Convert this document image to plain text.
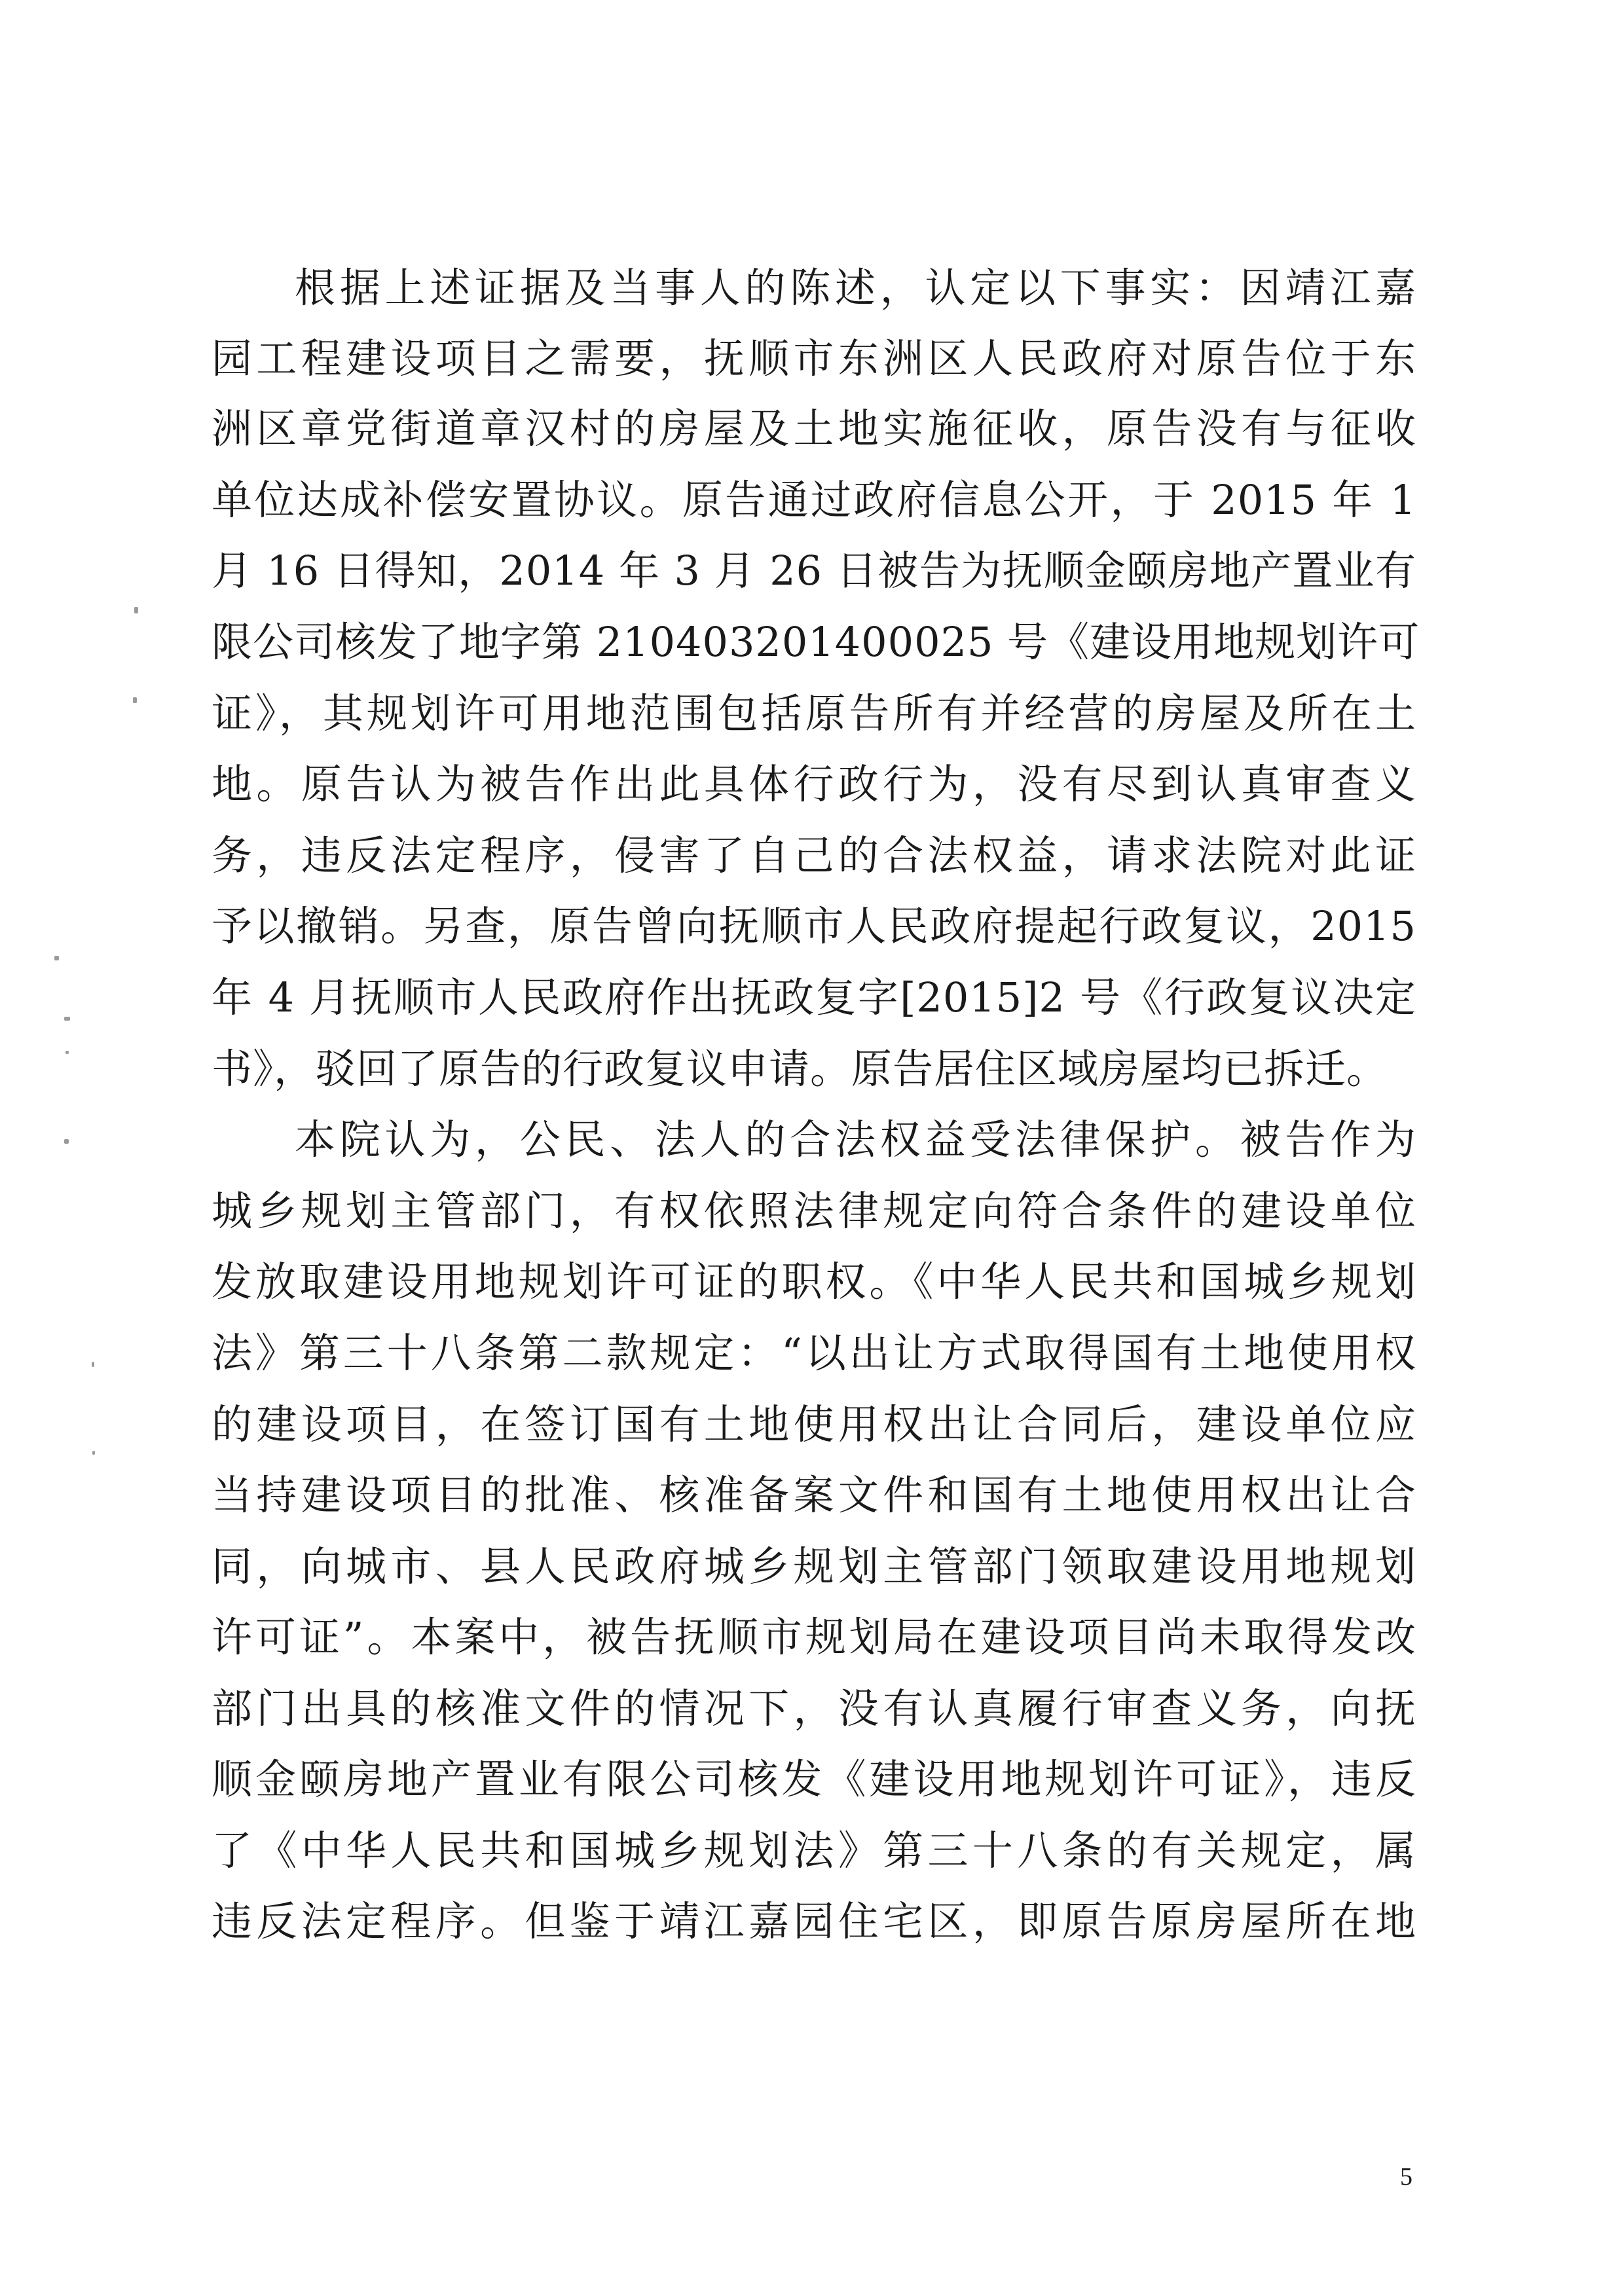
根据上述证据及当事人的陈述，认定以下事实：因靖江嘉
园工程建设项目之需要，抚顺市东洲区人民政府对原告位于东
洲区章党街道章汉村的房屋及土地实施征收，原告没有与征收
单位达成补偿安置协议。原告通过政府信息公开，于 2015 年 1
月 16 日得知，2014 年 3 月 26 日被告为抚顺金颐房地产置业有
限公司核发了地字第 210403201400025 号《建设用地规划许可
证》，其规划许可用地范围包括原告所有并经营的房屋及所在土
地。原告认为被告作出此具体行政行为，没有尽到认真审查义
务，违反法定程序，侵害了自己的合法权益，请求法院对此证
予以撤销。另查，原告曾向抚顺市人民政府提起行政复议，2015
年 4 月抚顺市人民政府作出抚政复字[2015]2 号《行政复议决定
书》，驳回了原告的行政复议申请。原告居住区域房屋均已拆迁。
本院认为，公民、法人的合法权益受法律保护。被告作为
城乡规划主管部门，有权依照法律规定向符合条件的建设单位
发放取建设用地规划许可证的职权。《中华人民共和国城乡规划
法》第三十八条第二款规定：“以出让方式取得国有土地使用权
的建设项目，在签订国有土地使用权出让合同后，建设单位应
当持建设项目的批准、核准备案文件和国有土地使用权出让合
同，向城市、县人民政府城乡规划主管部门领取建设用地规划
许可证”。本案中，被告抚顺市规划局在建设项目尚未取得发改
部门出具的核准文件的情况下，没有认真履行审查义务，向抚
顺金颐房地产置业有限公司核发《建设用地规划许可证》，违反
了《中华人民共和国城乡规划法》第三十八条的有关规定，属
违反法定程序。但鉴于靖江嘉园住宅区，即原告原房屋所在地
5
